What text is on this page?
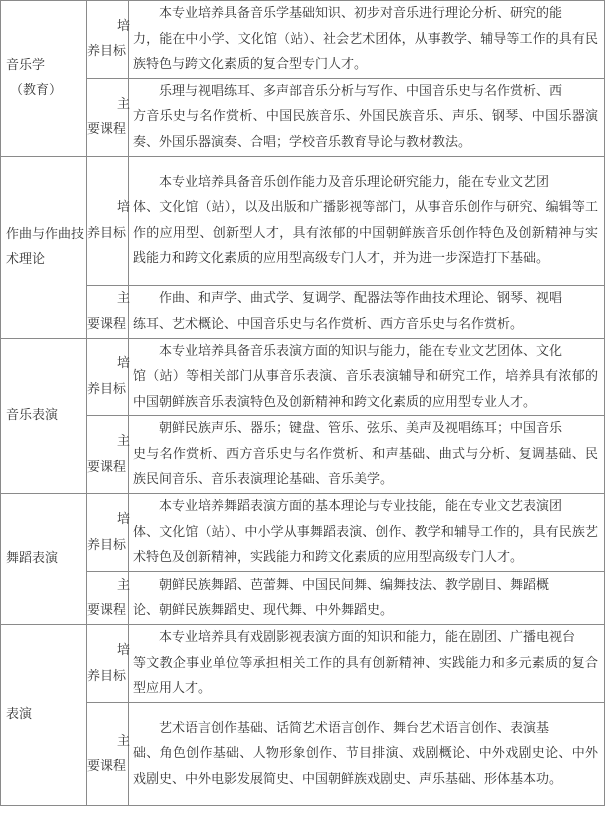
音乐学
（教育）	培
养目标	本专业培养具备音乐学基础知识、初步对音乐进行理论分析、研究的能
力，能在中小学、文化馆（站）、社会艺术团体，从事教学、辅导等工作的具有民族特色与跨文化素质的复合型专门人才。

	主
要课程	乐理与视唱练耳、多声部音乐分析与写作、中国音乐史与名作赏析、西
方音乐史与名作赏析、中国民族音乐、外国民族音乐、声乐、钢琴、中国乐器演奏、外国乐器演奏、合唱；学校音乐教育导论与教材教法。

作曲与作曲技术理论	培
养目标	本专业培养具备音乐创作能力及音乐理论研究能力，能在专业文艺团
体、文化馆（站），以及出版和广播影视等部门，从事音乐创作与研究、编辑等工作的应用型、创新型人才，具有浓郁的中国朝鲜族音乐创作特色及创新精神与实践能力和跨文化素质的应用型高级专门人才，并为进一步深造打下基础。

	主
要课程	作曲、和声学、曲式学、复调学、配器法等作曲技术理论、钢琴、视唱
练耳、艺术概论、中国音乐史与名作赏析、西方音乐史与名作赏析。

音乐表演	培
养目标	本专业培养具备音乐表演方面的知识与能力，能在专业文艺团体、文化
馆（站）等相关部门从事音乐表演、音乐表演辅导和研究工作，培养具有浓郁的中国朝鲜族音乐表演特色及创新精神和跨文化素质的应用型专业人才。

	主
要课程	朝鲜民族声乐、器乐；键盘、管乐、弦乐、美声及视唱练耳；中国音乐
史与名作赏析、西方音乐史与名作赏析、和声基础、曲式与分析、复调基础、民族民间音乐、音乐表演理论基础、音乐美学。

舞蹈表演	培
养目标	本专业培养舞蹈表演方面的基本理论与专业技能，能在专业文艺表演团
体、文化馆（站）、中小学从事舞蹈表演、创作、教学和辅导工作的，具有民族艺术特色及创新精神，实践能力和跨文化素质的应用型高级专门人才。

	主
要课程	朝鲜民族舞蹈、芭蕾舞、中国民间舞、编舞技法、教学剧目、舞蹈概
论、朝鲜民族舞蹈史、现代舞、中外舞蹈史。

表演	培
养目标	本专业培养具有戏剧影视表演方面的知识和能力，能在剧团、广播电视台
等文教企事业单位等承担相关工作的具有创新精神、实践能力和多元素质的复合型应用人才。

	主
要课程	艺术语言创作基础、话简艺术语言创作、舞台艺术语言创作、表演基
础、角色创作基础、人物形象创作、节目排演、戏剧概论、中外戏剧史论、中外戏剧史、中外电影发展简史、中国朝鲜族戏剧史、声乐基础、形体基本功。
